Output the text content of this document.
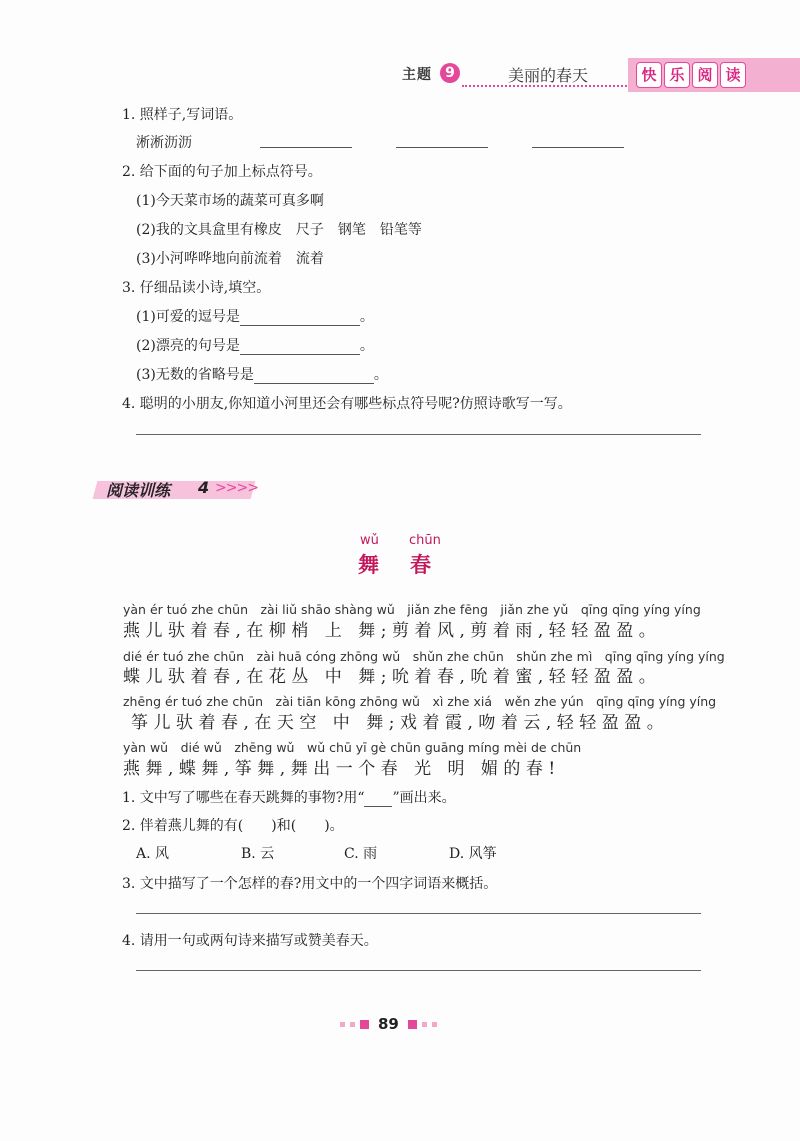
主题 9	美丽的春天	快 乐 阅 读
1. 照样子,写词语。
淅淅沥沥
2. 给下面的句子加上标点符号。
(1)今天菜市场的蔬菜可真多啊
(2)我的文具盒里有橡皮　尺子　钢笔　铅笔等
(3)小河哗哗地向前流着　流着
3. 仔细品读小诗,填空。
(1)可爱的逗号是	。
(2)漂亮的句号是	。
(3)无数的省略号是	。
4. 聪明的小朋友,你知道小河里还会有哪些标点符号呢?仿照诗歌写一写。
阅读训练 4 >>>>
wǔ chūn
舞 春
yàn ér tuó zhe chūn　zài liǔ shāo shàng wǔ　jiǎn zhe fēng　jiǎn zhe yǔ　qīng qīng yíng yíng
燕儿驮着春,在柳梢 上 舞;剪着风,剪着雨,轻轻盈盈。
dié ér tuó zhe chūn　zài huā cóng zhōng wǔ　shǔn zhe chūn　shǔn zhe mì　qīng qīng yíng yíng
蝶儿驮着春,在花丛 中 舞;吮着春,吮着蜜,轻轻盈盈。
zhēng ér tuó zhe chūn　zài tiān kōng zhōng wǔ　xì zhe xiá　wěn zhe yún　qīng qīng yíng yíng
筝儿驮着春,在天空 中 舞;戏着霞,吻着云,轻轻盈盈。
yàn wǔ　dié wǔ　zhēng wǔ　wǔ chū yī gè chūn guāng míng mèi de chūn
燕舞,蝶舞,筝舞,舞出一个春 光 明 媚的春!
1. 文中写了哪些在春天跳舞的事物?用“ ”画出来。
2. 伴着燕儿舞的有(　　)和(　　)。
A. 风	B. 云	C. 雨	D. 风筝
3. 文中描写了一个怎样的春?用文中的一个四字词语来概括。
4. 请用一句或两句诗来描写或赞美春天。
89
